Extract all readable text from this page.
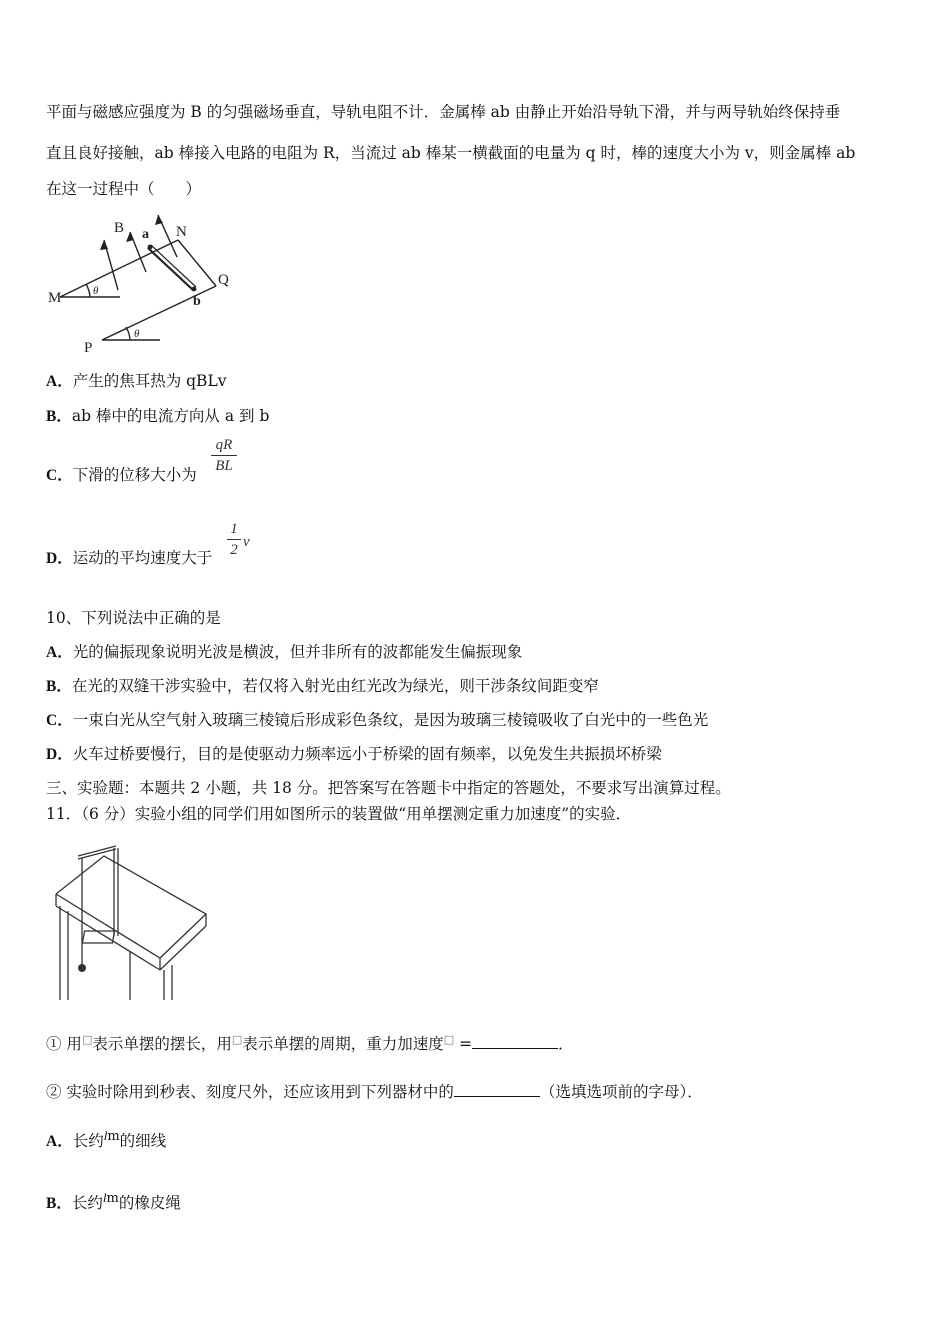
平面与磁感应强度为 B 的匀强磁场垂直，导轨电阻不计．金属棒 ab 由静止开始沿导轨下滑，并与两导轨始终保持垂
直且良好接触，ab 棒接入电路的电阻为 R，当流过 ab 棒某一横截面的电量为 q 时，棒的速度大小为 v，则金属棒 ab
在这一过程中（　　）
B a N
Q
M	b
P
θ
θ
A．产生的焦耳热为 qBLv
B．ab 棒中的电流方向从 a 到 b
C．下滑的位移大小为
qR
BL
D．运动的平均速度大于
1
2 v
10、下列说法中正确的是
A．光的偏振现象说明光波是横波，但并非所有的波都能发生偏振现象
B．在光的双缝干涉实验中，若仅将入射光由红光改为绿光，则干涉条纹间距变窄
C．一束白光从空气射入玻璃三棱镜后形成彩色条纹，是因为玻璃三棱镜吸收了白光中的一些色光
D．火车过桥要慢行，目的是使驱动力频率远小于桥梁的固有频率，以免发生共振损坏桥梁
三、实验题：本题共 2 小题，共 18 分。把答案写在答题卡中指定的答题处，不要求写出演算过程。
11．（6 分）实验小组的同学们用如图所示的装置做“用单摆测定重力加速度”的实验．
① 用□表示单摆的摆长，用□表示单摆的周期，重力加速度□ =	．
② 实验时除用到秒表、刻度尺外，还应该用到下列器材中的	（选填选项前的字母）．
A．长约$^{lm}$的细线
B．长约$^{lm}$的橡皮绳
